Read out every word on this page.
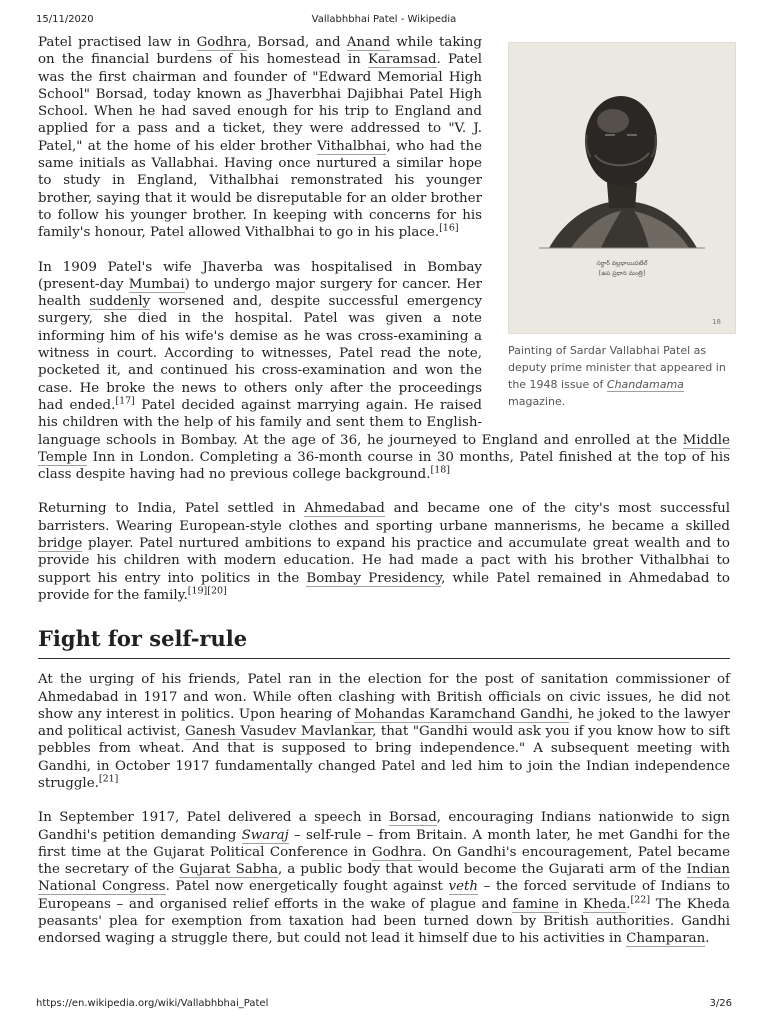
15/11/2020	Vallabhbhai Patel - Wikipedia
సర్దార్ వల్లభాయిపటేల్
[ఉప ప్రధాన మంత్రి]
18
Painting of Sardar Vallabhai Patel as deputy prime minister that appeared in the 1948 issue of Chandamama magazine.

Patel practised law in Godhra, Borsad, and Anand while taking on the financial burdens of his homestead in Karamsad. Patel was the first chairman and founder of "Edward Memorial High School" Borsad, today known as Jhaverbhai Dajibhai Patel High School. When he had saved enough for his trip to England and applied for a pass and a ticket, they were addressed to "V. J. Patel," at the home of his elder brother Vithalbhai, who had the same initials as Vallabhai. Having once nurtured a similar hope to study in England, Vithalbhai remonstrated his younger brother, saying that it would be disreputable for an older brother to follow his younger brother. In keeping with concerns for his family's honour, Patel allowed Vithalbhai to go in his place.[16]

In 1909 Patel's wife Jhaverba was hospitalised in Bombay (present-day Mumbai) to undergo major surgery for cancer. Her health suddenly worsened and, despite successful emergency surgery, she died in the hospital. Patel was given a note informing him of his wife's demise as he was cross-examining a witness in court. According to witnesses, Patel read the note, pocketed it, and continued his cross-examination and won the case. He broke the news to others only after the proceedings had ended.[17] Patel decided against marrying again. He raised his children with the help of his family and sent them to English-language schools in Bombay. At the age of 36, he journeyed to England and enrolled at the Middle Temple Inn in London. Completing a 36-month course in 30 months, Patel finished at the top of his class despite having had no previous college background.[18]

Returning to India, Patel settled in Ahmedabad and became one of the city's most successful barristers. Wearing European-style clothes and sporting urbane mannerisms, he became a skilled bridge player. Patel nurtured ambitions to expand his practice and accumulate great wealth and to provide his children with modern education. He had made a pact with his brother Vithalbhai to support his entry into politics in the Bombay Presidency, while Patel remained in Ahmedabad to provide for the family.[19][20]

Fight for self-rule

At the urging of his friends, Patel ran in the election for the post of sanitation commissioner of Ahmedabad in 1917 and won. While often clashing with British officials on civic issues, he did not show any interest in politics. Upon hearing of Mohandas Karamchand Gandhi, he joked to the lawyer and political activist, Ganesh Vasudev Mavlankar, that "Gandhi would ask you if you know how to sift pebbles from wheat. And that is supposed to bring independence." A subsequent meeting with Gandhi, in October 1917 fundamentally changed Patel and led him to join the Indian independence struggle.[21]

In September 1917, Patel delivered a speech in Borsad, encouraging Indians nationwide to sign Gandhi's petition demanding Swaraj – self-rule – from Britain. A month later, he met Gandhi for the first time at the Gujarat Political Conference in Godhra. On Gandhi's encouragement, Patel became the secretary of the Gujarat Sabha, a public body that would become the Gujarati arm of the Indian National Congress. Patel now energetically fought against veth – the forced servitude of Indians to Europeans – and organised relief efforts in the wake of plague and famine in Kheda.[22] The Kheda peasants' plea for exemption from taxation had been turned down by British authorities. Gandhi endorsed waging a struggle there, but could not lead it himself due to his activities in Champaran.

https://en.wikipedia.org/wiki/Vallabhbhai_Patel	3/26
